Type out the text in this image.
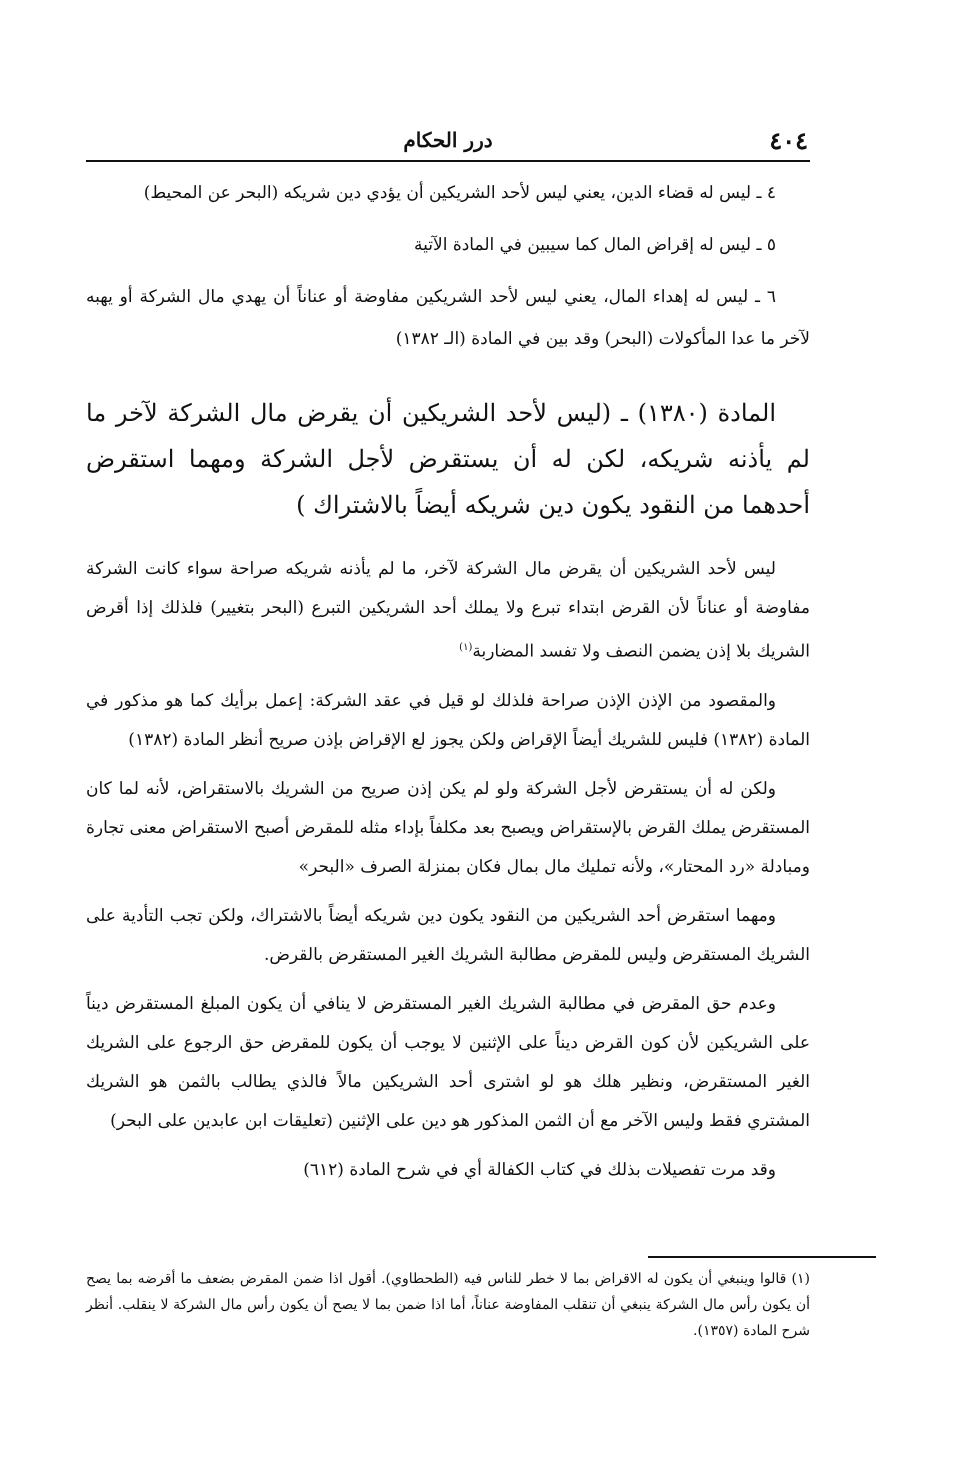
٤٠٤
درر الحكام

٤ ـ ليس له قضاء الدين، يعني ليس لأحد الشريكين أن يؤدي دين شريكه (البحر عن المحيط)

٥ ـ ليس له إقراض المال كما سيبين في المادة الآتية

٦ ـ ليس له إهداء المال، يعني ليس لأحد الشريكين مفاوضة أو عناناً أن يهدي مال الشركة أو يهبه لآخر ما عدا المأكولات (البحر) وقد بين في المادة (الـ ١٣٨٢)

المادة (١٣٨٠) ـ (ليس لأحد الشريكين أن يقرض مال الشركة لآخر ما لم يأذنه شريكه، لكن له أن يستقرض لأجل الشركة ومهما استقرض أحدهما من النقود يكون دين شريكه أيضاً بالاشتراك )

ليس لأحد الشريكين أن يقرض مال الشركة لآخر، ما لم يأذنه شريكه صراحة سواء كانت الشركة مفاوضة أو عناناً لأن القرض ابتداء تبرع ولا يملك أحد الشريكين التبرع (البحر بتغيير) فلذلك إذا أقرض الشريك بلا إذن يضمن النصف ولا تفسد المضاربة$^{(١)}$

والمقصود من الإذن الإذن صراحة فلذلك لو قيل في عقد الشركة: إعمل برأيك كما هو مذكور في المادة (١٣٨٢) فليس للشريك أيضاً الإقراض ولكن يجوز لع الإقراض بإذن صريح أنظر المادة (١٣٨٢)

ولكن له أن يستقرض لأجل الشركة ولو لم يكن إذن صريح من الشريك بالاستقراض، لأنه لما كان المستقرض يملك القرض بالإستقراض ويصبح بعد مكلفاً بإداء مثله للمقرض أصبح الاستقراض معنى تجارة ومبادلة «رد المحتار»، ولأنه تمليك مال بمال فكان بمنزلة الصرف «البحر»

ومهما استقرض أحد الشريكين من النقود يكون دين شريكه أيضاً بالاشتراك، ولكن تجب التأدية على الشريك المستقرض وليس للمقرض مطالبة الشريك الغير المستقرض بالقرض.

وعدم حق المقرض في مطالبة الشريك الغير المستقرض لا ينافي أن يكون المبلغ المستقرض ديناً على الشريكين لأن كون القرض ديناً على الإثنين لا يوجب أن يكون للمقرض حق الرجوع على الشريك الغير المستقرض، ونظير هلك هو لو اشترى أحد الشريكين مالاً فالذي يطالب بالثمن هو الشريك المشتري فقط وليس الآخر مع أن الثمن المذكور هو دين على الإثنين (تعليقات ابن عابدين على البحر)

وقد مرت تفصيلات بذلك في كتاب الكفالة أي في شرح المادة (٦١٢)

(١) قالوا وينبغي أن يكون له الاقراض بما لا خطر للناس فيه (الطحطاوي). أقول اذا ضمن المقرض بضعف ما أقرضه بما يصح أن يكون رأس مال الشركة ينبغي أن تنقلب المفاوضة عناناً، أما اذا ضمن بما لا يصح أن يكون رأس مال الشركة لا ينقلب. أنظر شرح المادة (١٣٥٧).
